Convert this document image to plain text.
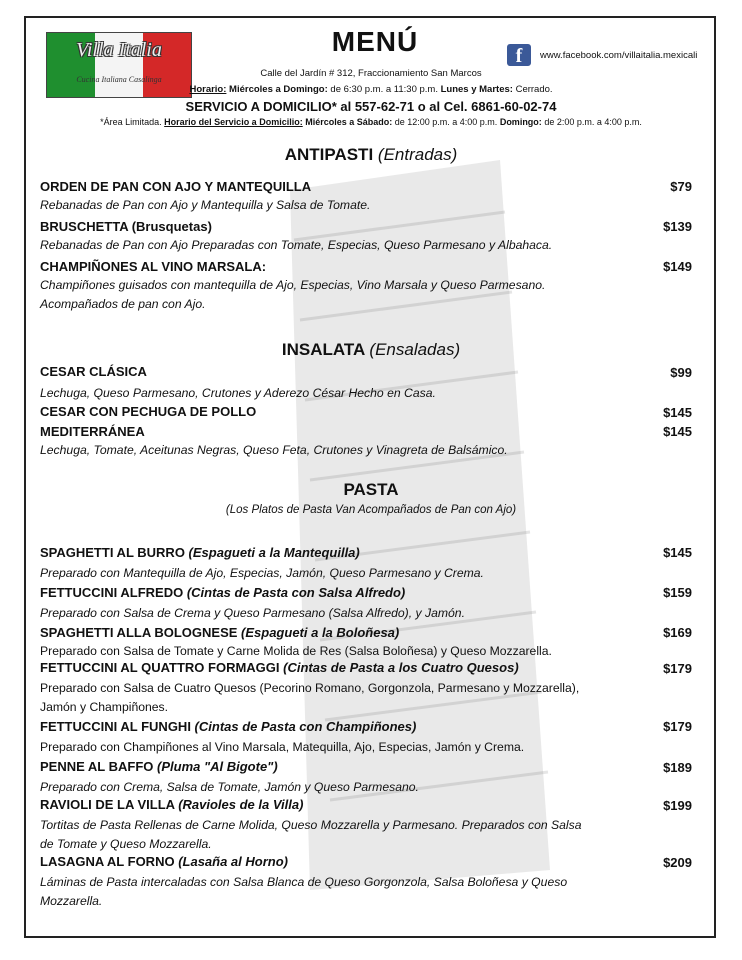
Villa Italia
Cucina Italiana Casalinga
MENÚ	f	www.facebook.com/villaitalia.mexicali
Calle del Jardín # 312, Fraccionamiento San Marcos
Horario: Miércoles a Domingo: de 6:30 p.m. a 11:30 p.m. Lunes y Martes: Cerrado.
SERVICIO A DOMICILIO* al 557-62-71 o al Cel. 6861-60-02-74
*Área Limitada. Horario del Servicio a Domicilio: Miércoles a Sábado: de 12:00 p.m. a 4:00 p.m. Domingo: de 2:00 p.m. a 4:00 p.m.
ANTIPASTI (Entradas)
ORDEN DE PAN CON AJO Y MANTEQUILLA	$79
Rebanadas de Pan con Ajo y Mantequilla y Salsa de Tomate.
BRUSCHETTA (Brusquetas)	$139
Rebanadas de Pan con Ajo Preparadas con Tomate, Especias, Queso Parmesano y Albahaca.
CHAMPIÑONES AL VINO MARSALA:	$149
Champiñones guisados con mantequilla de Ajo, Especias, Vino Marsala y Queso Parmesano.
Acompañados de pan con Ajo.
INSALATA (Ensaladas)
CESAR CLÁSICA	$99
Lechuga, Queso Parmesano, Crutones y Aderezo César Hecho en Casa.
CESAR CON PECHUGA DE POLLO	$145
MEDITERRÁNEA	$145
Lechuga, Tomate, Aceitunas Negras, Queso Feta, Crutones y Vinagreta de Balsámico.
PASTA
(Los Platos de Pasta Van Acompañados de Pan con Ajo)
SPAGHETTI AL BURRO (Espagueti a la Mantequilla)	$145
Preparado con Mantequilla de Ajo, Especias, Jamón, Queso Parmesano y Crema.
FETTUCCINI ALFREDO (Cintas de Pasta con Salsa Alfredo)	$159
Preparado con Salsa de Crema y Queso Parmesano (Salsa Alfredo), y Jamón.
SPAGHETTI ALLA BOLOGNESE (Espagueti a la Boloñesa)	$169
Preparado con Salsa de Tomate y Carne Molida de Res (Salsa Boloñesa) y Queso Mozzarella.
FETTUCCINI AL QUATTRO FORMAGGI (Cintas de Pasta a los Cuatro Quesos)	$179
Preparado con Salsa de Cuatro Quesos (Pecorino Romano, Gorgonzola, Parmesano y Mozzarella),
Jamón y Champiñones.
FETTUCCINI AL FUNGHI (Cintas de Pasta con Champiñones)	$179
Preparado con Champiñones al Vino Marsala, Matequilla, Ajo, Especias, Jamón y Crema.
PENNE AL BAFFO (Pluma "Al Bigote")	$189
Preparado con Crema, Salsa de Tomate, Jamón y Queso Parmesano.
RAVIOLI DE LA VILLA (Ravioles de la Villa)	$199
Tortitas de Pasta Rellenas de Carne Molida, Queso Mozzarella y Parmesano. Preparados con Salsa
de Tomate y Queso Mozzarella.
LASAGNA AL FORNO (Lasaña al Horno)	$209
Láminas de Pasta intercaladas con Salsa Blanca de Queso Gorgonzola, Salsa Boloñesa y Queso
Mozzarella.
